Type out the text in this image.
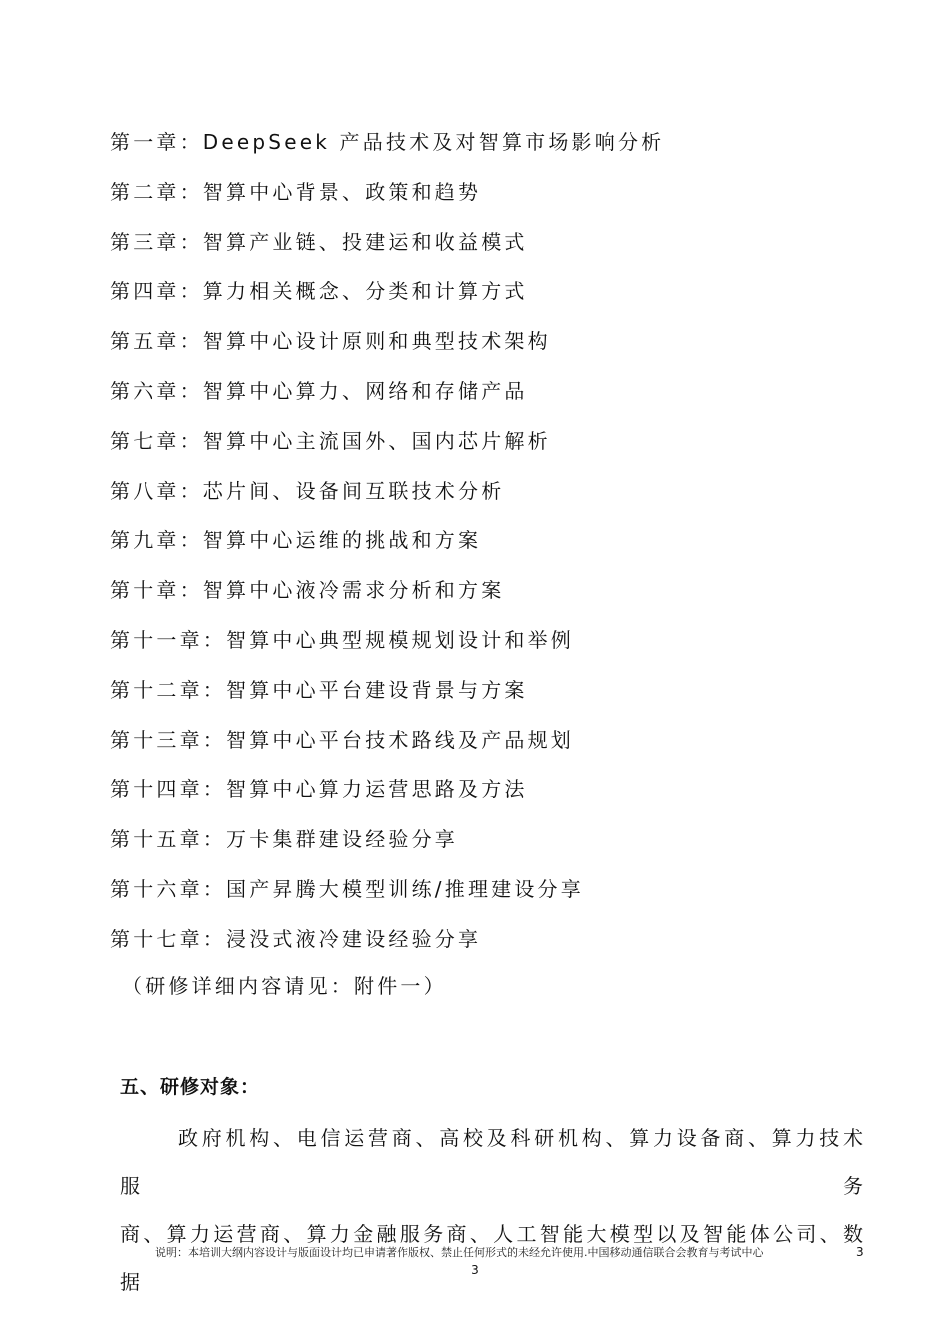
第一章：DeepSeek 产品技术及对智算市场影响分析
第二章：智算中心背景、政策和趋势
第三章：智算产业链、投建运和收益模式
第四章：算力相关概念、分类和计算方式
第五章：智算中心设计原则和典型技术架构
第六章：智算中心算力、网络和存储产品
第七章：智算中心主流国外、国内芯片解析
第八章：芯片间、设备间互联技术分析
第九章：智算中心运维的挑战和方案
第十章：智算中心液冷需求分析和方案
第十一章：智算中心典型规模规划设计和举例
第十二章：智算中心平台建设背景与方案
第十三章：智算中心平台技术路线及产品规划
第十四章：智算中心算力运营思路及方法
第十五章：万卡集群建设经验分享
第十六章：国产昇腾大模型训练/推理建设分享
第十七章：浸没式液冷建设经验分享
（研修详细内容请见：附件一）
五、研修对象：
政府机构、电信运营商、高校及科研机构、算力设备商、算力技术服务
商、算力运营商、算力金融服务商、人工智能大模型以及智能体公司、数据
说明：本培训大纲内容设计与版面设计均已申请著作版权、禁止任何形式的未经允许使用.中国移动通信联合会教育与考试中心	3
3
